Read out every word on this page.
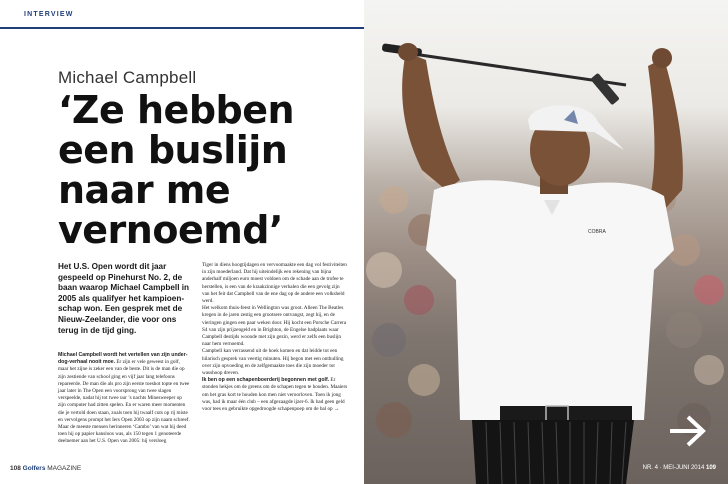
INTERVIEW
Michael Campbell
‘Ze hebben een buslijn naar me vernoemd’
Het U.S. Open wordt dit jaar gespeeld op Pinehurst No. 2, de baan waarop Michael Campbell in 2005 als qualifyer het kampioenschap won. Een gesprek met de Nieuw-Zeelander, die voor ons terug in de tijd ging.

Michael Campbell wordt het vertellen van zijn underdog-verhaal nooit moe. Er zijn er vele geweest in golf, maar het zijne is zeker een van de beste. Dit is de man die op zijn zestiende van school ging en vijf jaar lang telefoons repareerde. De man die als pro zijn eerste toeshot topte en twee jaar later in The Open een voorsprong van twee slagen verspeelde, nadat hij tot twee uur ’s nachts Minesweeper op zijn computer had zitten spelen. En er waren meer momenten die je vertold doen staan, zoals toen hij twaalf cuts op rij miste en vervolgens prompt het Iers Open 2003 op zijn naam schreef.

Maar de meeste mensen herinneren ‘Cambo’ van wat hij deed toen hij op papier kansloos was, als 150 tegen 1 genoteerde deelnemer aan het U.S. Open van 2005: hij versloeg

Tiger in diens hoogtijdagen en vervoomaakte een dag vol festiviteiten in zijn moederland. Dat hij uiteindelijk een rekening van bijna anderhalf miljoen euro moest voldoen om de schade aan de trofee te herstellen, is een van de kraakzinnige verhalen die een gevolg zijn van het feit dat Campbell van de ene dag op de andere een volksheld werd.

Het welkom thuis-feest in Wellington was groot. Alleen The Beatles kregen in de jaren zestig een grootsere ontvangst, zegt hij, en de vieringen gingen een paar weken door. Hij kocht een Porsche Carrera S4 van zijn prijzengeld en in Brighton, de Engelse badplaats waar Campbell destijds woonde met zijn gezin, werd er zelfs een buslijn naar hem vernoemd.

Campbell kan verrassend uit de hoek komen en dat leidde tot een hilarisch gesprek van veertig minuten. Hij begon met een onthulling over zijn opvoeding en de zelfgemaakte toes die zijn moeder tot wasshoop dreven.

Ik ben op een schapenboerderij begonnen met golf. Er stonden hekjes om de greens om de schapen tegen te houden. Maaiers om het gras kort te houden kon men niet veroorloven. Toen ik jong was, had ik maar één club – een afgezaagde ijzer-6. Ik had geen geld voor tees en gebruikte opgedroogde schapenpoep om de bal op →

108 Golfers MAGAZINE
COBRA
NR. 4 · MEI-JUNI 2014 109
